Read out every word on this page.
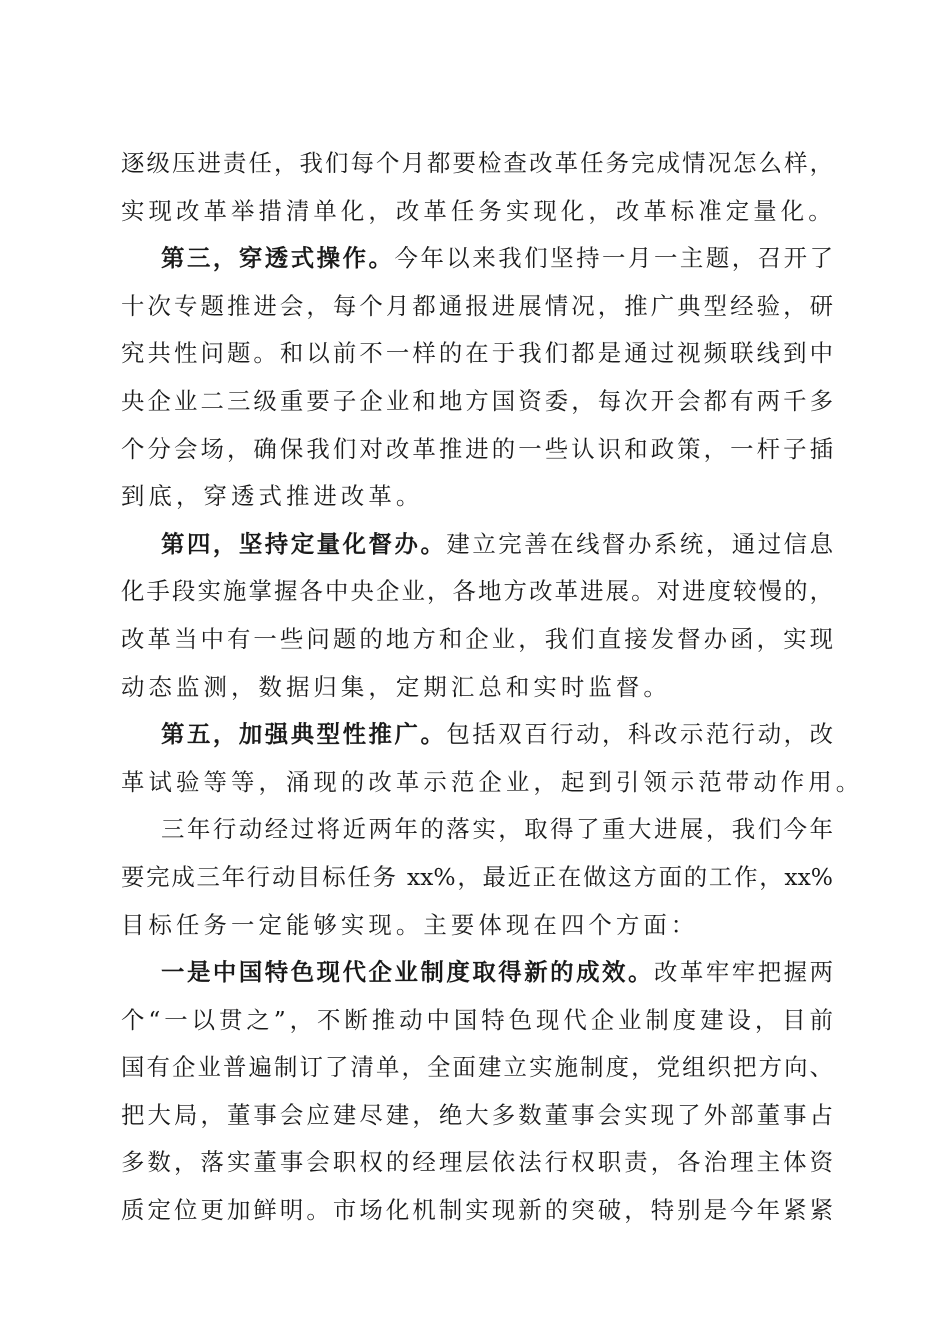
逐级压进责任，我们每个月都要检查改革任务完成情况怎么样，
实现改革举措清单化，改革任务实现化，改革标准定量化。
第三，穿透式操作。今年以来我们坚持一月一主题，召开了
十次专题推进会，每个月都通报进展情况，推广典型经验，研
究共性问题。和以前不一样的在于我们都是通过视频联线到中
央企业二三级重要子企业和地方国资委，每次开会都有两千多
个分会场，确保我们对改革推进的一些认识和政策，一杆子插
到底，穿透式推进改革。
第四，坚持定量化督办。建立完善在线督办系统，通过信息
化手段实施掌握各中央企业，各地方改革进展。对进度较慢的，
改革当中有一些问题的地方和企业，我们直接发督办函，实现
动态监测，数据归集，定期汇总和实时监督。
第五，加强典型性推广。包括双百行动，科改示范行动，改
革试验等等，涌现的改革示范企业，起到引领示范带动作用。
三年行动经过将近两年的落实，取得了重大进展，我们今年
要完成三年行动目标任务 xx%，最近正在做这方面的工作，xx%
目标任务一定能够实现。主要体现在四个方面：
一是中国特色现代企业制度取得新的成效。改革牢牢把握两
个“一以贯之”，不断推动中国特色现代企业制度建设，目前
国有企业普遍制订了清单，全面建立实施制度，党组织把方向、
把大局，董事会应建尽建，绝大多数董事会实现了外部董事占
多数，落实董事会职权的经理层依法行权职责，各治理主体资
质定位更加鲜明。市场化机制实现新的突破，特别是今年紧紧
